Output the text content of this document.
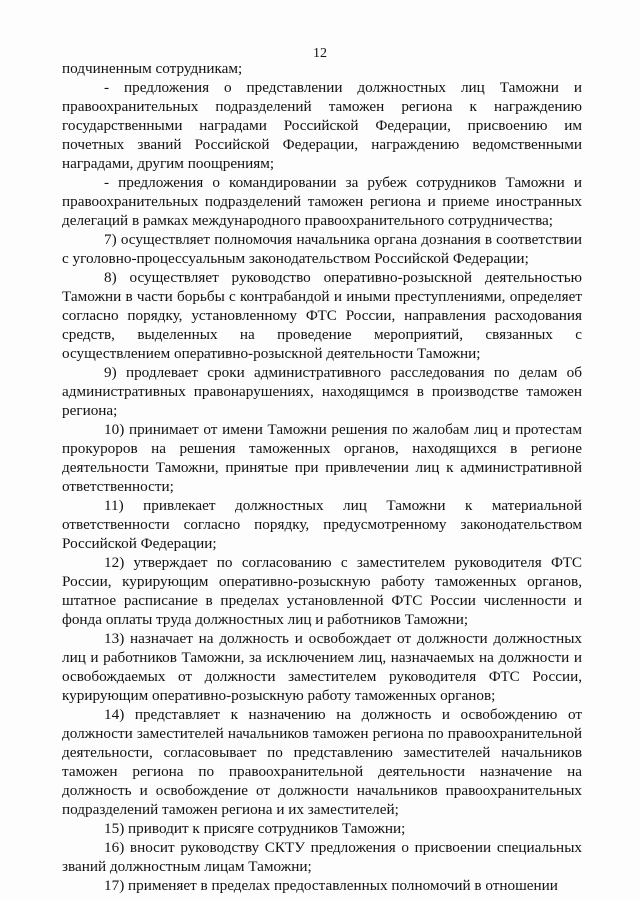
12

подчиненным сотрудникам;

- предложения о представлении должностных лиц Таможни и правоохранительных подразделений таможен региона к награждению государственными наградами Российской Федерации, присвоению им почетных званий Российской Федерации, награждению ведомственными наградами, другим поощрениям;

- предложения о командировании за рубеж сотрудников Таможни и правоохранительных подразделений таможен региона и приеме иностранных делегаций в рамках международного правоохранительного сотрудничества;

7) осуществляет полномочия начальника органа дознания в соответствии с уголовно-процессуальным законодательством Российской Федерации;

8) осуществляет руководство оперативно-розыскной деятельностью Таможни в части борьбы с контрабандой и иными преступлениями, определяет согласно порядку, установленному ФТС России, направления расходования средств, выделенных на проведение мероприятий, связанных с осуществлением оперативно-розыскной деятельности Таможни;

9) продлевает сроки административного расследования по делам об административных правонарушениях, находящимся в производстве таможен региона;

10) принимает от имени Таможни решения по жалобам лиц и протестам прокуроров на решения таможенных органов, находящихся в регионе деятельности Таможни, принятые при привлечении лиц к административной ответственности;

11) привлекает должностных лиц Таможни к материальной ответственности согласно порядку, предусмотренному законодательством Российской Федерации;

12) утверждает по согласованию с заместителем руководителя ФТС России, курирующим оперативно-розыскную работу таможенных органов, штатное расписание в пределах установленной ФТС России численности и фонда оплаты труда должностных лиц и работников Таможни;

13) назначает на должность и освобождает от должности должностных лиц и работников Таможни, за исключением лиц, назначаемых на должности и освобождаемых от должности заместителем руководителя ФТС России, курирующим оперативно-розыскную работу таможенных органов;

14) представляет к назначению на должность и освобождению от должности заместителей начальников таможен региона по правоохранительной деятельности, согласовывает по представлению заместителей начальников таможен региона по правоохранительной деятельности назначение на должность и освобождение от должности начальников правоохранительных подразделений таможен региона и их заместителей;

15) приводит к присяге сотрудников Таможни;

16) вносит руководству СКТУ предложения о присвоении специальных званий должностным лицам Таможни;

17) применяет в пределах предоставленных полномочий в отношении
